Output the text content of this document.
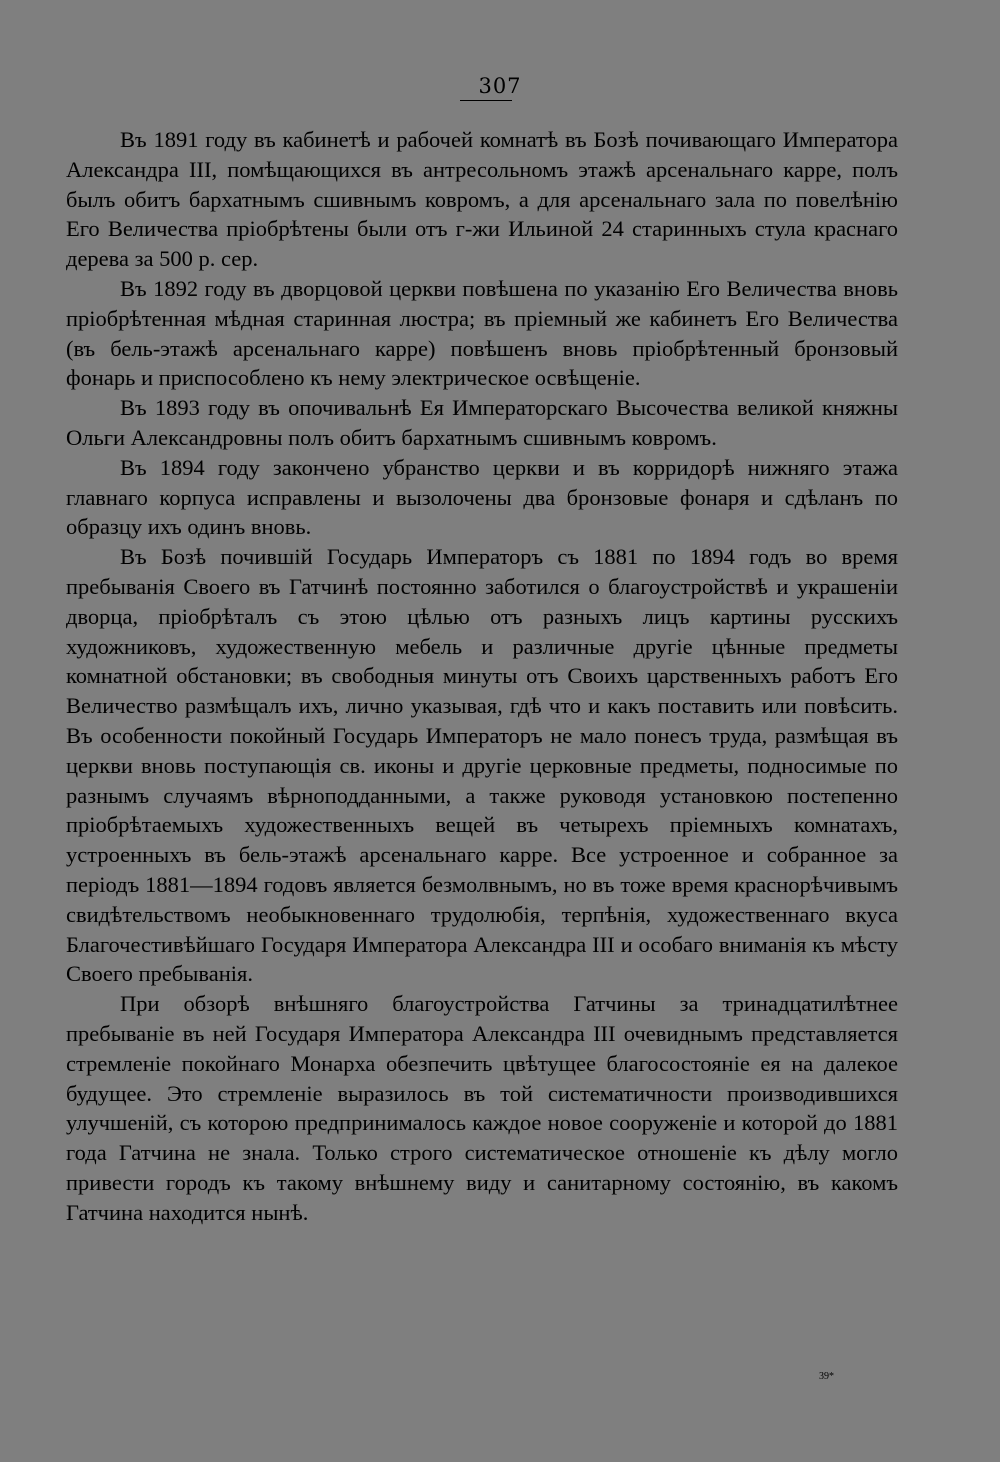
307

Въ 1891 году въ кабинетѣ и рабочей комнатѣ въ Бозѣ почивающаго Императора Александра III, помѣщающихся въ антресольномъ этажѣ арсенальнаго карре, полъ былъ обитъ бархатнымъ сшивнымъ ковромъ, а для арсенальнаго зала по повелѣнію Его Величества пріобрѣтены были отъ г-жи Ильиной 24 старинныхъ стула краснаго дерева за 500 р. сер.

Въ 1892 году въ дворцовой церкви повѣшена по указанію Его Величества вновь пріобрѣтенная мѣдная старинная люстра; въ пріемный же кабинетъ Его Величества (въ бель-этажѣ арсенальнаго карре) повѣшенъ вновь пріобрѣтенный бронзовый фонарь и приспособлено къ нему электрическое освѣщеніе.

Въ 1893 году въ опочивальнѣ Ея Императорскаго Высочества великой княжны Ольги Александровны полъ обитъ бархатнымъ сшивнымъ ковромъ.

Въ 1894 году закончено убранство церкви и въ корридорѣ нижняго этажа главнаго корпуса исправлены и вызолочены два бронзовые фонаря и сдѣланъ по образцу ихъ одинъ вновь.

Въ Бозѣ почившій Государь Императоръ съ 1881 по 1894 годъ во время пребыванія Своего въ Гатчинѣ постоянно заботился о благоустройствѣ и украшеніи дворца, пріобрѣталъ съ этою цѣлью отъ разныхъ лицъ картины русскихъ художниковъ, художественную мебель и различные другіе цѣнные предметы комнатной обстановки; въ свободныя минуты отъ Своихъ царственныхъ работъ Его Величество размѣщалъ ихъ, лично указывая, гдѣ что и какъ поставить или повѣсить. Въ особенности покойный Государь Императоръ не мало понесъ труда, размѣщая въ церкви вновь поступающія св. иконы и другіе церковные предметы, подносимые по разнымъ случаямъ вѣрноподданными, а также руководя установкою постепенно пріобрѣтаемыхъ художественныхъ вещей въ четырехъ пріемныхъ комнатахъ, устроенныхъ въ бель-этажѣ арсенальнаго карре. Все устроенное и собранное за періодъ 1881—1894 годовъ является безмолвнымъ, но въ тоже время краснорѣчивымъ свидѣтельствомъ необыкновеннаго трудолюбія, терпѣнія, художественнаго вкуса Благочестивѣйшаго Государя Императора Александра III и особаго вниманія къ мѣсту Своего пребыванія.

При обзорѣ внѣшняго благоустройства Гатчины за тринадцатилѣтнее пребываніе въ ней Государя Императора Александра III очевиднымъ представляется стремленіе покойнаго Монарха обезпечить цвѣтущее благосостояніе ея на далекое будущее. Это стремленіе выразилось въ той систематичности производившихся улучшеній, съ которою предпринималось каждое новое сооруженіе и которой до 1881 года Гатчина не знала. Только строго систематическое отношеніе къ дѣлу могло привести городъ къ такому внѣшнему виду и санитарному состоянію, въ какомъ Гатчина находится нынѣ.

39*
